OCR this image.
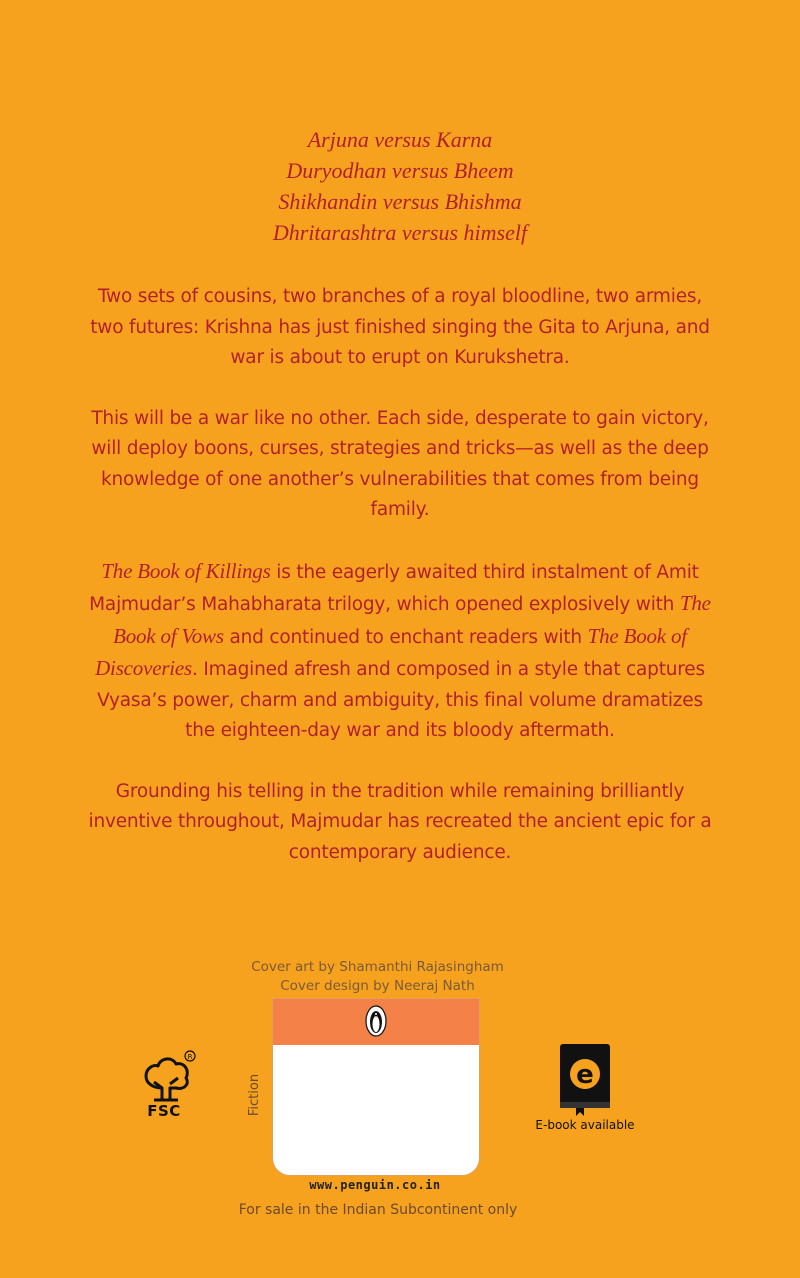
Arjuna versus Karna
Duryodhan versus Bheem
Shikhandin versus Bhishma
Dhritarashtra versus himself

Two sets of cousins, two branches of a royal bloodline, two armies, two futures: Krishna has just finished singing the Gita to Arjuna, and war is about to erupt on Kurukshetra.

This will be a war like no other. Each side, desperate to gain victory, will deploy boons, curses, strategies and tricks—as well as the deep knowledge of one another’s vulnerabilities that comes from being family.

The Book of Killings is the eagerly awaited third instalment of Amit Majmudar’s Mahabharata trilogy, which opened explosively with The Book of Vows and continued to enchant readers with The Book of Discoveries. Imagined afresh and composed in a style that captures Vyasa’s power, charm and ambiguity, this final volume dramatizes the eighteen-day war and its bloody aftermath.

Grounding his telling in the tradition while remaining brilliantly inventive throughout, Majmudar has recreated the ancient epic for a contemporary audience.

Cover art by Shamanthi Rajasingham
Cover design by Neeraj Nath
R
FSC	Fiction
www.penguin.co.in
For sale in the Indian Subcontinent only
e
E-book available
